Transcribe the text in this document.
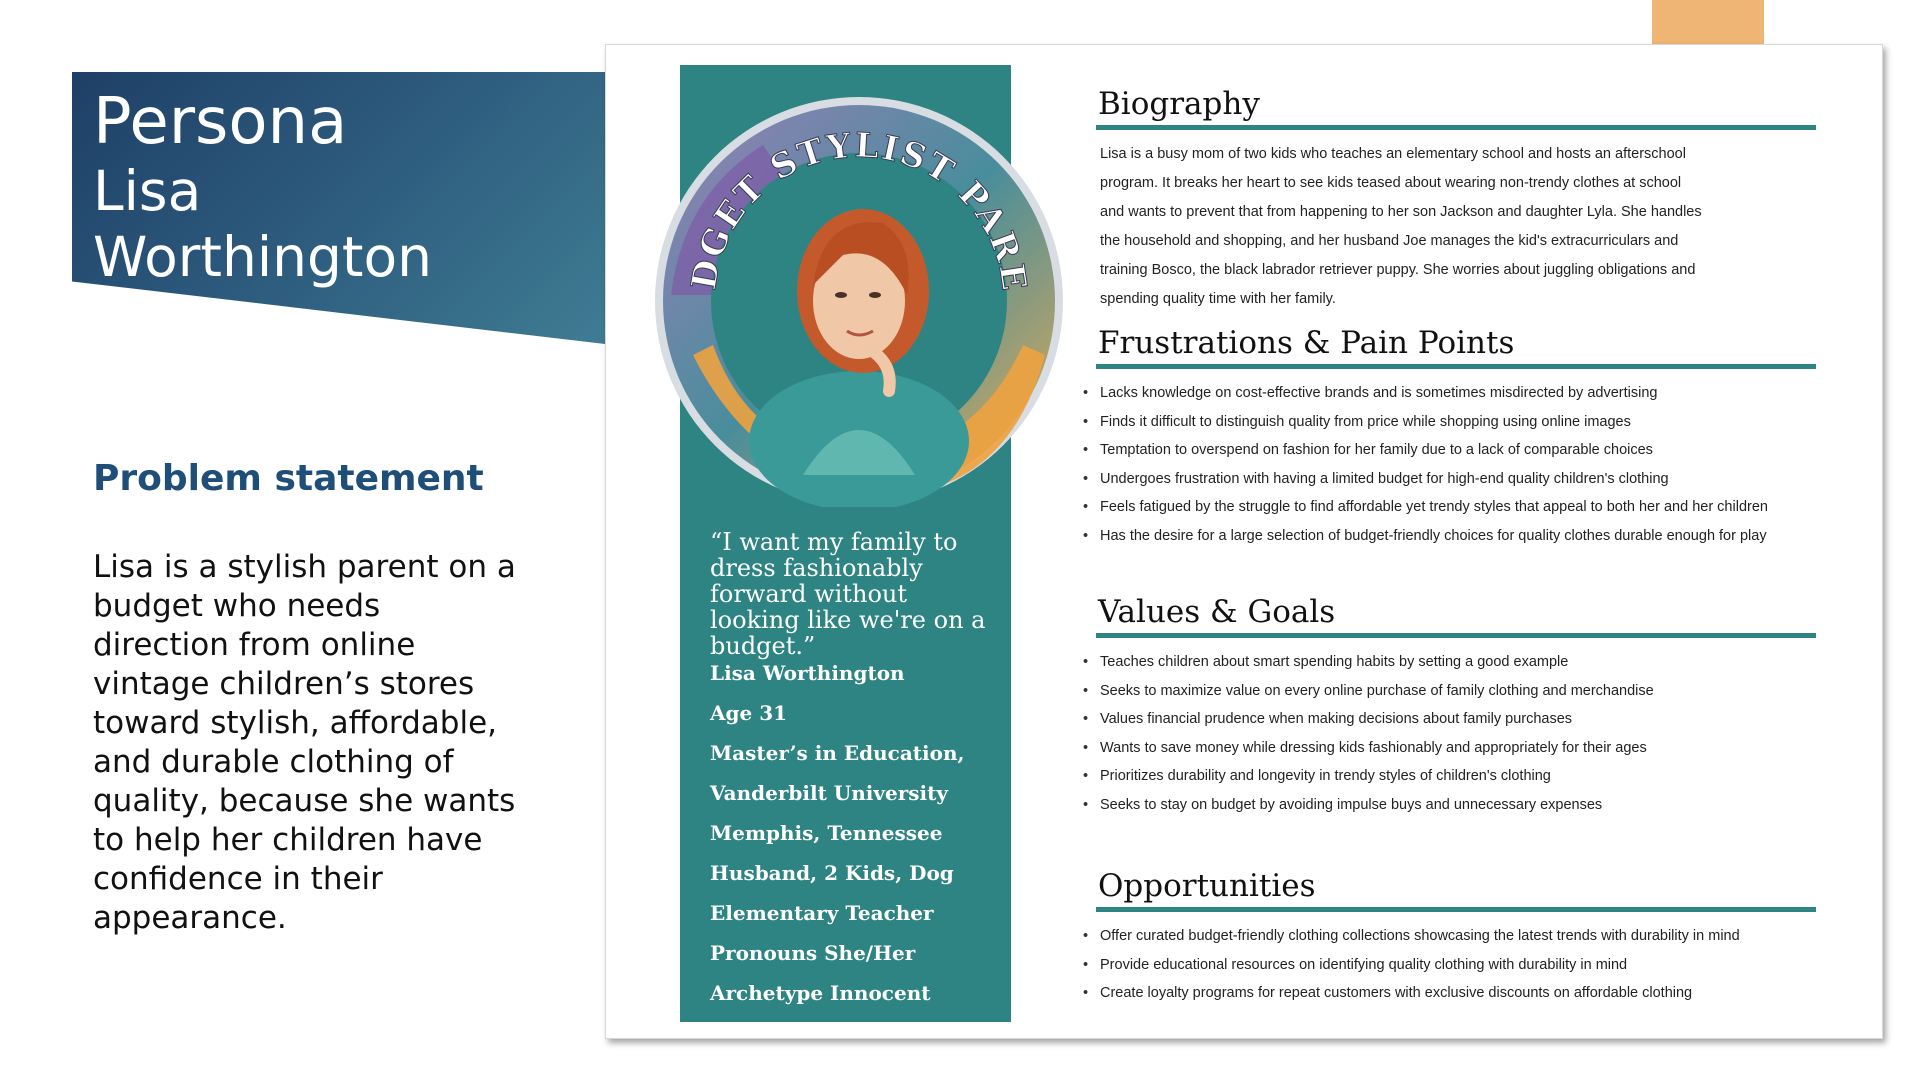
Persona
Lisa
Worthington
Problem statement
Lisa is a stylish parent on a budget who needs direction from online vintage children’s stores toward stylish, affordable, and durable clothing of quality, because she wants to help her children have confidence in their appearance.
DGET STYLIST PARE
“I want my family to dress fashionably forward without looking like we're on a budget.”
Lisa Worthington
Age 31
Master’s in Education,
Vanderbilt University
Memphis, Tennessee
Husband, 2 Kids, Dog
Elementary Teacher
Pronouns She/Her
Archetype Innocent
Biography

Lisa is a busy mom of two kids who teaches an elementary school and hosts an afterschool program. It breaks her heart to see kids teased about wearing non-trendy clothes at school and wants to prevent that from happening to her son Jackson and daughter Lyla. She handles the household and shopping, and her husband Joe manages the kid's extracurriculars and training Bosco, the black labrador retriever puppy. She worries about juggling obligations and spending quality time with her family.

Frustrations & Pain Points
• Lacks knowledge on cost-effective brands and is sometimes misdirected by advertising
• Finds it difficult to distinguish quality from price while shopping using online images
• Temptation to overspend on fashion for her family due to a lack of comparable choices
• Undergoes frustration with having a limited budget for high-end quality children's clothing
• Feels fatigued by the struggle to find affordable yet trendy styles that appeal to both her and her children
• Has the desire for a large selection of budget-friendly choices for quality clothes durable enough for play
Values & Goals
• Teaches children about smart spending habits by setting a good example
• Seeks to maximize value on every online purchase of family clothing and merchandise
• Values financial prudence when making decisions about family purchases
• Wants to save money while dressing kids fashionably and appropriately for their ages
• Prioritizes durability and longevity in trendy styles of children's clothing
• Seeks to stay on budget by avoiding impulse buys and unnecessary expenses
Opportunities
• Offer curated budget-friendly clothing collections showcasing the latest trends with durability in mind
• Provide educational resources on identifying quality clothing with durability in mind
• Create loyalty programs for repeat customers with exclusive discounts on affordable clothing
